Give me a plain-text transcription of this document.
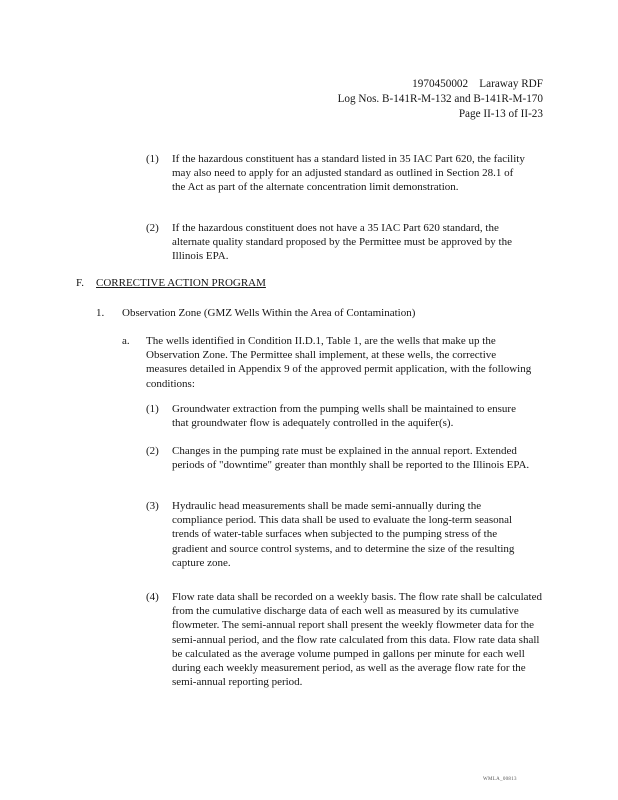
1970450002    Laraway RDF
Log Nos. B-141R-M-132 and B-141R-M-170
Page II-13 of II-23
(1) If the hazardous constituent has a standard listed in 35 IAC Part 620, the facility may also need to apply for an adjusted standard as outlined in Section 28.1 of the Act as part of the alternate concentration limit demonstration.
(2) If the hazardous constituent does not have a 35 IAC Part 620 standard, the alternate quality standard proposed by the Permittee must be approved by the Illinois EPA.
F. CORRECTIVE ACTION PROGRAM
1. Observation Zone (GMZ Wells Within the Area of Contamination)
a. The wells identified in Condition II.D.1, Table 1, are the wells that make up the Observation Zone. The Permittee shall implement, at these wells, the corrective measures detailed in Appendix 9 of the approved permit application, with the following conditions:
(1) Groundwater extraction from the pumping wells shall be maintained to ensure that groundwater flow is adequately controlled in the aquifer(s).
(2) Changes in the pumping rate must be explained in the annual report. Extended periods of "downtime" greater than monthly shall be reported to the Illinois EPA.
(3) Hydraulic head measurements shall be made semi-annually during the compliance period. This data shall be used to evaluate the long-term seasonal trends of water-table surfaces when subjected to the pumping stress of the gradient and source control systems, and to determine the size of the resulting capture zone.
(4) Flow rate data shall be recorded on a weekly basis. The flow rate shall be calculated from the cumulative discharge data of each well as measured by its cumulative flowmeter. The semi-annual report shall present the weekly flowmeter data for the semi-annual period, and the flow rate calculated from this data. Flow rate data shall be calculated as the average volume pumped in gallons per minute for each well during each weekly measurement period, as well as the average flow rate for the semi-annual reporting period.
WMLA_00813
